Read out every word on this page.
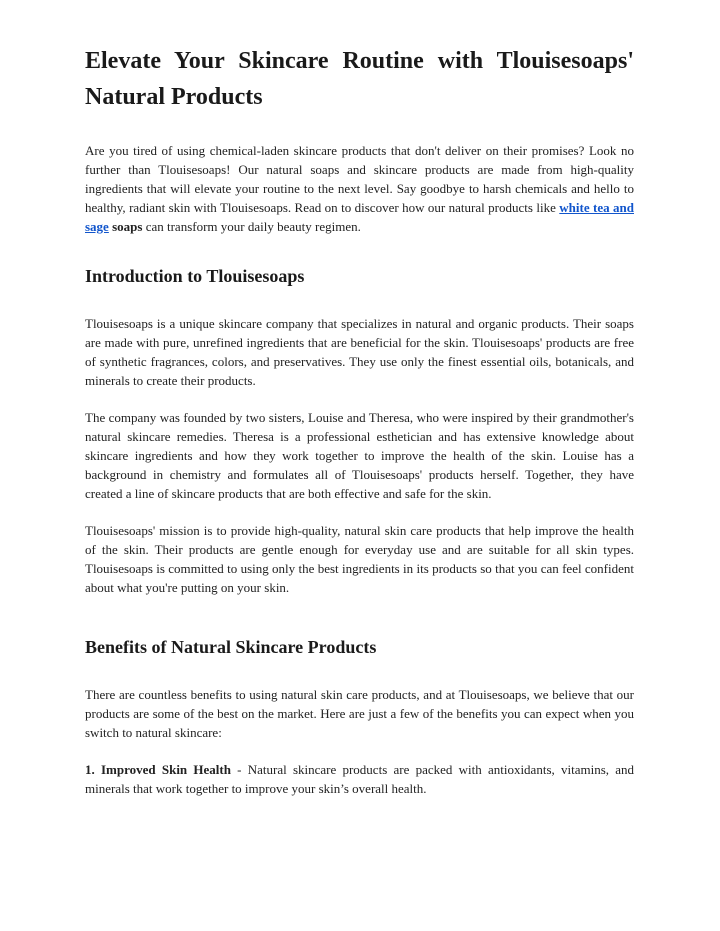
Elevate Your Skincare Routine with Tlouisesoaps'
Natural Products

Are you tired of using chemical-laden skincare products that don't deliver on their promises? Look no further than Tlouisesoaps! Our natural soaps and skincare products are made from high-quality ingredients that will elevate your routine to the next level. Say goodbye to harsh chemicals and hello to healthy, radiant skin with Tlouisesoaps. Read on to discover how our natural products like white tea and sage soaps can transform your daily beauty regimen.

Introduction to Tlouisesoaps

Tlouisesoaps is a unique skincare company that specializes in natural and organic products. Their soaps are made with pure, unrefined ingredients that are beneficial for the skin. Tlouisesoaps' products are free of synthetic fragrances, colors, and preservatives. They use only the finest essential oils, botanicals, and minerals to create their products.

The company was founded by two sisters, Louise and Theresa, who were inspired by their grandmother's natural skincare remedies. Theresa is a professional esthetician and has extensive knowledge about skincare ingredients and how they work together to improve the health of the skin. Louise has a background in chemistry and formulates all of Tlouisesoaps' products herself. Together, they have created a line of skincare products that are both effective and safe for the skin.

Tlouisesoaps' mission is to provide high-quality, natural skin care products that help improve the health of the skin. Their products are gentle enough for everyday use and are suitable for all skin types. Tlouisesoaps is committed to using only the best ingredients in its products so that you can feel confident about what you're putting on your skin.

Benefits of Natural Skincare Products

There are countless benefits to using natural skin care products, and at Tlouisesoaps, we believe that our products are some of the best on the market. Here are just a few of the benefits you can expect when you switch to natural skincare:

1. Improved Skin Health - Natural skincare products are packed with antioxidants, vitamins, and minerals that work together to improve your skin’s overall health.
